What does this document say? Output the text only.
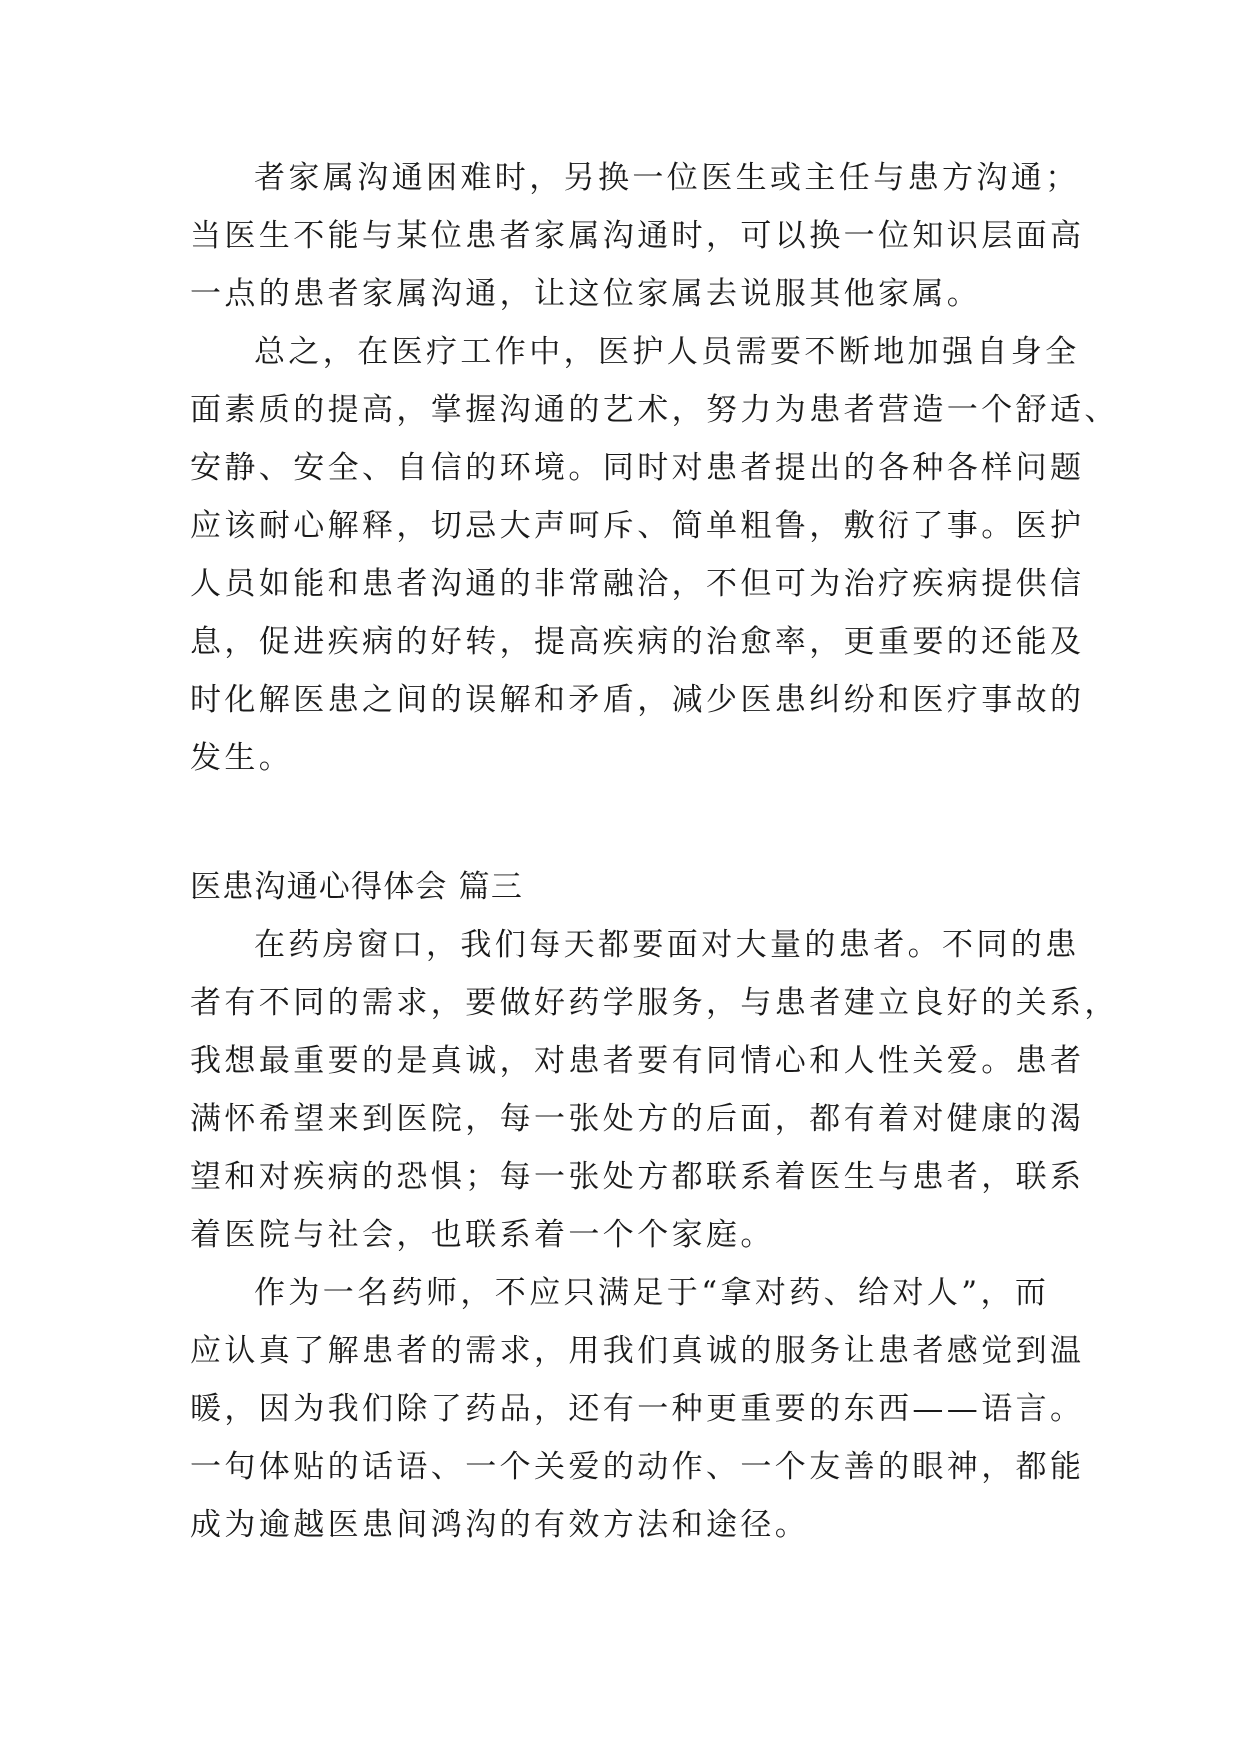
者家属沟通困难时，另换一位医生或主任与患方沟通；
当医生不能与某位患者家属沟通时，可以换一位知识层面高
一点的患者家属沟通，让这位家属去说服其他家属。
总之，在医疗工作中，医护人员需要不断地加强自身全
面素质的提高，掌握沟通的艺术，努力为患者营造一个舒适、
安静、安全、自信的环境。同时对患者提出的各种各样问题
应该耐心解释，切忌大声呵斥、简单粗鲁，敷衍了事。医护
人员如能和患者沟通的非常融洽，不但可为治疗疾病提供信
息，促进疾病的好转，提高疾病的治愈率，更重要的还能及
时化解医患之间的误解和矛盾，减少医患纠纷和医疗事故的
发生。
医患沟通心得体会 篇三
在药房窗口，我们每天都要面对大量的患者。不同的患
者有不同的需求，要做好药学服务，与患者建立良好的关系，
我想最重要的是真诚，对患者要有同情心和人性关爱。患者
满怀希望来到医院，每一张处方的后面，都有着对健康的渴
望和对疾病的恐惧；每一张处方都联系着医生与患者，联系
着医院与社会，也联系着一个个家庭。
作为一名药师，不应只满足于“拿对药、给对人”，而
应认真了解患者的需求，用我们真诚的服务让患者感觉到温
暖，因为我们除了药品，还有一种更重要的东西——语言。
一句体贴的话语、一个关爱的动作、一个友善的眼神，都能
成为逾越医患间鸿沟的有效方法和途径。
